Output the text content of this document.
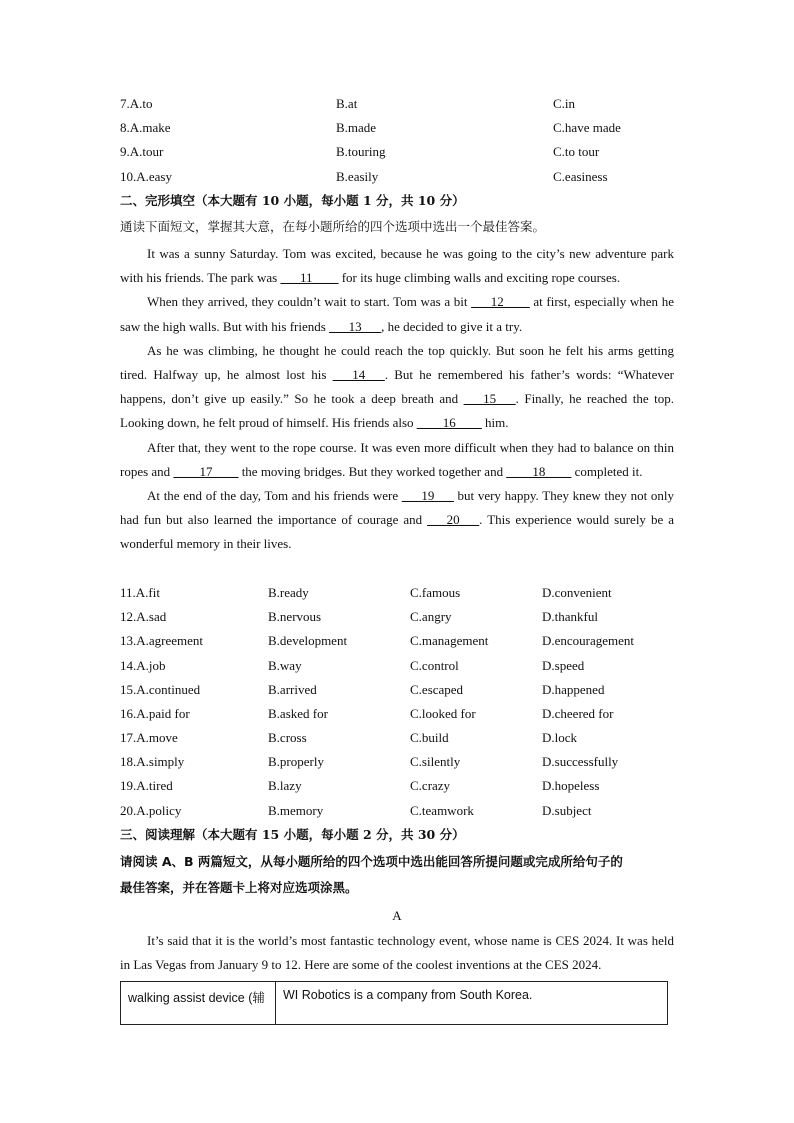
7.A.to	B.at	C.in
8.A.make	B.made	C.have made
9.A.tour	B.touring	C.to tour
10.A.easy	B.easily	C.easiness
二、完形填空（本大题有 10 小题，每小题 1 分，共 10 分）
通读下面短文，掌握其大意，在每小题所给的四个选项中选出一个最佳答案。

It was a sunny Saturday. Tom was excited, because he was going to the city’s new adventure park with his friends. The park was ___11____ for its huge climbing walls and exciting rope courses.

When they arrived, they couldn’t wait to start. Tom was a bit ___12____ at first, especially when he saw the high walls. But with his friends ___13___, he decided to give it a try.

As he was climbing, he thought he could reach the top quickly. But soon he felt his arms getting tired. Halfway up, he almost lost his ___14___. But he remembered his father’s words: “Whatever happens, don’t give up easily.” So he took a deep breath and ___15___. Finally, he reached the top. Looking down, he felt proud of himself. His friends also ____16____ him.

After that, they went to the rope course. It was even more difficult when they had to balance on thin ropes and ____17____ the moving bridges. But they worked together and ____18____ completed it.

At the end of the day, Tom and his friends were ___19___ but very happy. They knew they not only had fun but also learned the importance of courage and ___20___. This experience would surely be a wonderful memory in their lives.

11.A.fit	B.ready	C.famous	D.convenient
12.A.sad	B.nervous	C.angry	D.thankful
13.A.agreement	B.development	C.management	D.encouragement
14.A.job	B.way	C.control	D.speed
15.A.continued	B.arrived	C.escaped	D.happened
16.A.paid for	B.asked for	C.looked for	D.cheered for
17.A.move	B.cross	C.build	D.lock
18.A.simply	B.properly	C.silently	D.successfully
19.A.tired	B.lazy	C.crazy	D.hopeless
20.A.policy	B.memory	C.teamwork	D.subject
三、阅读理解（本大题有 15 小题，每小题 2 分，共 30 分）
请阅读 A、B 两篇短文，从每小题所给的四个选项中选出能回答所提问题或完成所给句子的
最佳答案，并在答题卡上将对应选项涂黑。
A

It’s said that it is the world’s most fantastic technology event, whose name is CES 2024. It was held in Las Vegas from January 9 to 12. Here are some of the coolest inventions at the CES 2024.

walking assist device (辅	WI Robotics is a company from South Korea.
